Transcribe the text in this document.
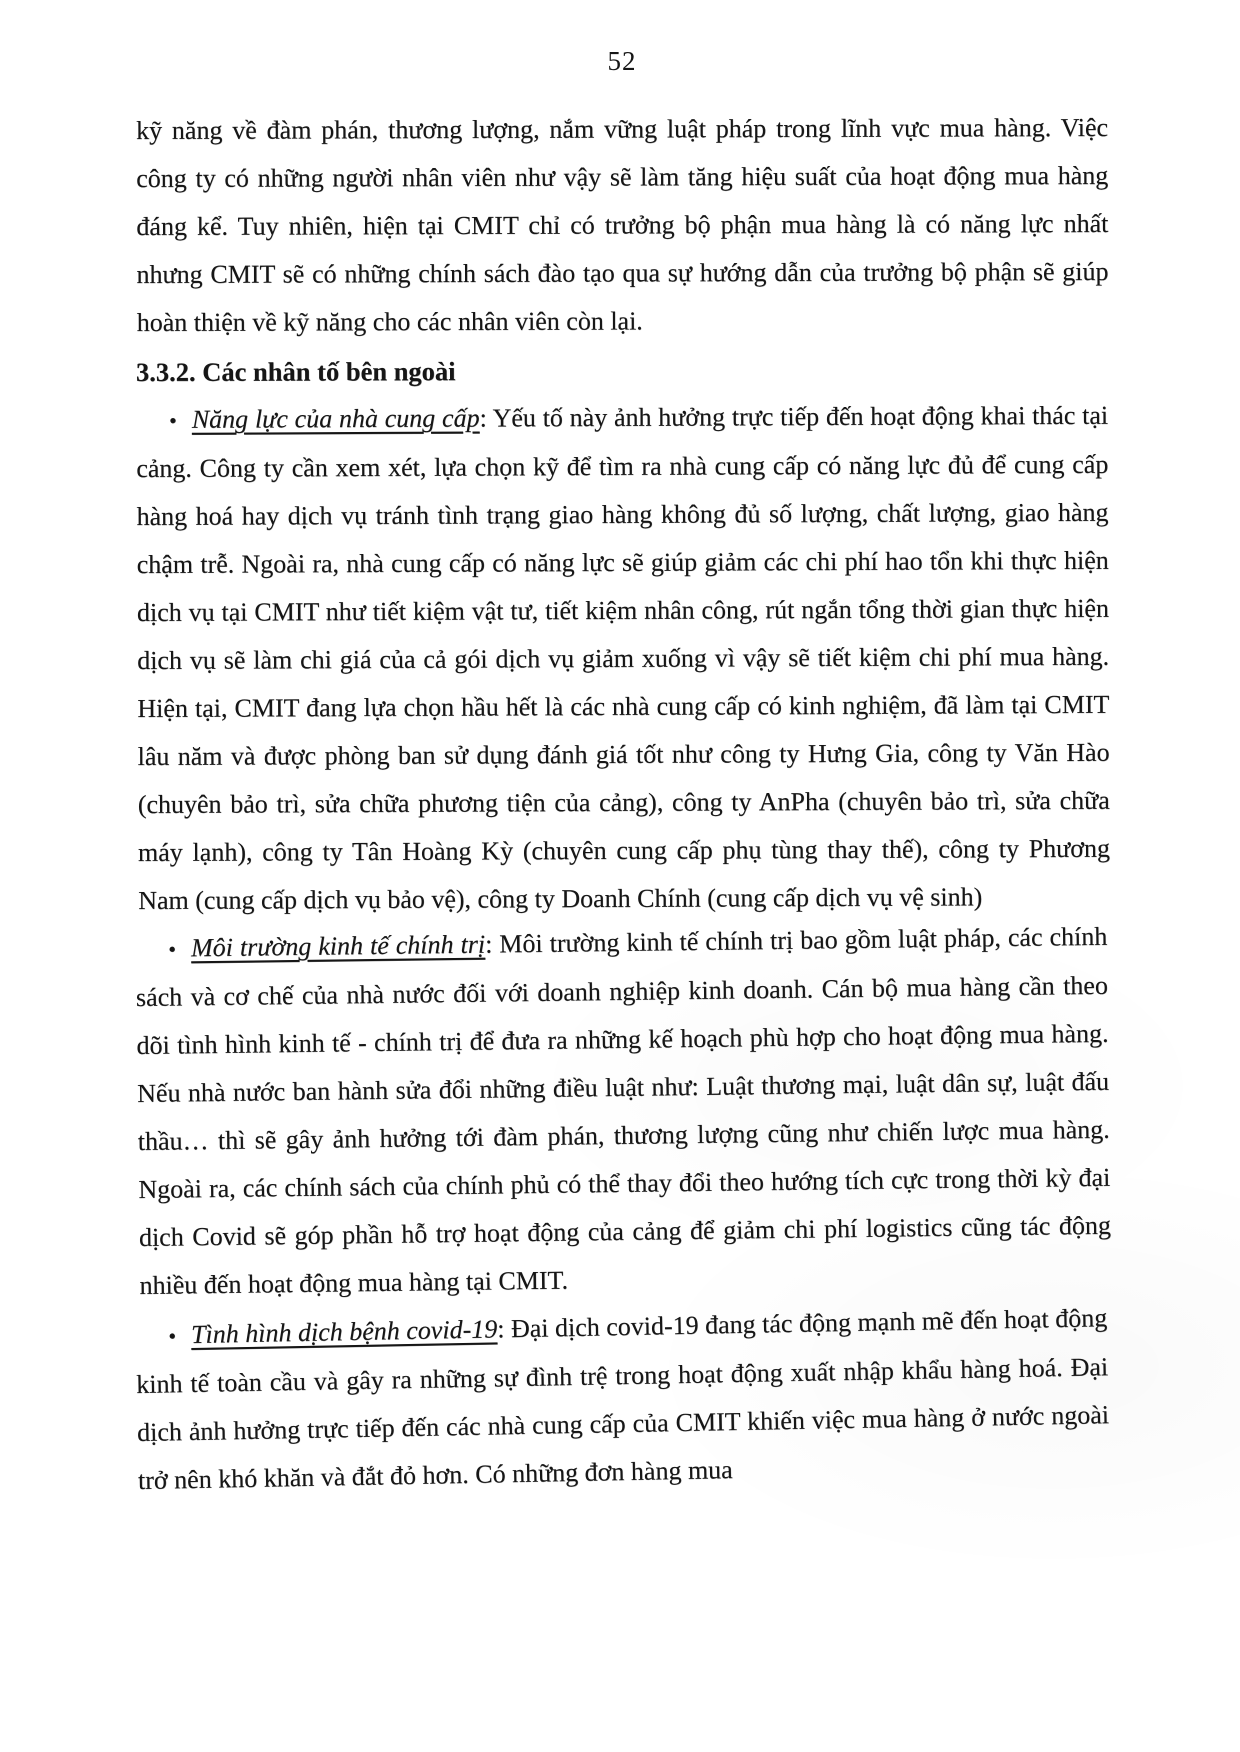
52

kỹ năng về đàm phán, thương lượng, nắm vững luật pháp trong lĩnh vực mua hàng. Việc công ty có những người nhân viên như vậy sẽ làm tăng hiệu suất của hoạt động mua hàng đáng kể. Tuy nhiên, hiện tại CMIT chỉ có trưởng bộ phận mua hàng là có năng lực nhất nhưng CMIT sẽ có những chính sách đào tạo qua sự hướng dẫn của trưởng bộ phận sẽ giúp hoàn thiện về kỹ năng cho các nhân viên còn lại.

3.3.2. Các nhân tố bên ngoài

• Năng lực của nhà cung cấp: Yếu tố này ảnh hưởng trực tiếp đến hoạt động khai thác tại cảng. Công ty cần xem xét, lựa chọn kỹ để tìm ra nhà cung cấp có năng lực đủ để cung cấp hàng hoá hay dịch vụ tránh tình trạng giao hàng không đủ số lượng, chất lượng, giao hàng chậm trễ. Ngoài ra, nhà cung cấp có năng lực sẽ giúp giảm các chi phí hao tổn khi thực hiện dịch vụ tại CMIT như tiết kiệm vật tư, tiết kiệm nhân công, rút ngắn tổng thời gian thực hiện dịch vụ sẽ làm chi giá của cả gói dịch vụ giảm xuống vì vậy sẽ tiết kiệm chi phí mua hàng. Hiện tại, CMIT đang lựa chọn hầu hết là các nhà cung cấp có kinh nghiệm, đã làm tại CMIT lâu năm và được phòng ban sử dụng đánh giá tốt như công ty Hưng Gia, công ty Văn Hào (chuyên bảo trì, sửa chữa phương tiện của cảng), công ty AnPha (chuyên bảo trì, sửa chữa máy lạnh), công ty Tân Hoàng Kỳ (chuyên cung cấp phụ tùng thay thế), công ty Phương Nam (cung cấp dịch vụ bảo vệ), công ty Doanh Chính (cung cấp dịch vụ vệ sinh)

• Môi trường kinh tế chính trị: Môi trường kinh tế chính trị bao gồm luật pháp, các chính sách và cơ chế của nhà nước đối với doanh nghiệp kinh doanh. Cán bộ mua hàng cần theo dõi tình hình kinh tế - chính trị để đưa ra những kế hoạch phù hợp cho hoạt động mua hàng. Nếu nhà nước ban hành sửa đổi những điều luật như: Luật thương mại, luật dân sự, luật đấu thầu… thì sẽ gây ảnh hưởng tới đàm phán, thương lượng cũng như chiến lược mua hàng. Ngoài ra, các chính sách của chính phủ có thể thay đổi theo hướng tích cực trong thời kỳ đại dịch Covid sẽ góp phần hỗ trợ hoạt động của cảng để giảm chi phí logistics cũng tác động nhiều đến hoạt động mua hàng tại CMIT.

• Tình hình dịch bệnh covid-19: Đại dịch covid-19 đang tác động mạnh mẽ đến hoạt động kinh tế toàn cầu và gây ra những sự đình trệ trong hoạt động xuất nhập khẩu hàng hoá. Đại dịch ảnh hưởng trực tiếp đến các nhà cung cấp của CMIT khiến việc mua hàng ở nước ngoài trở nên khó khăn và đắt đỏ hơn. Có những đơn hàng mua
